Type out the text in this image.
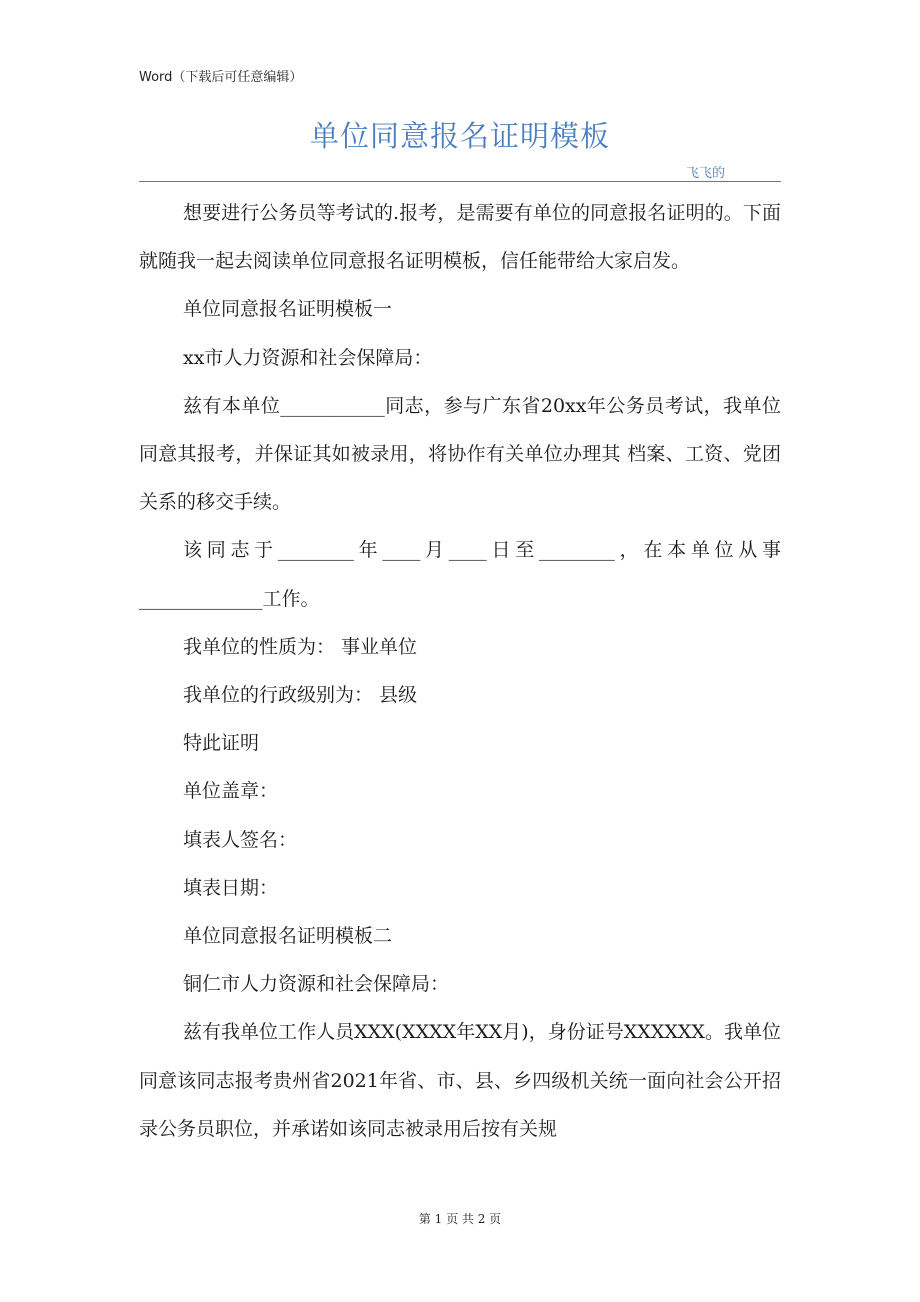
Word（下载后可任意编辑）
单位同意报名证明模板
飞飞的

想要进行公务员等考试的.报考，是需要有单位的同意报名证明的。下面就随我一起去阅读单位同意报名证明模板，信任能带给大家启发。

单位同意报名证明模板一

xx市人力资源和社会保障局：

兹有本单位___________同志，参与广东省20xx年公务员考试，我单位同意其报考，并保证其如被录用，将协作有关单位办理其 档案、工资、党团关系的移交手续。

该同志于________年____月____日至________，在本单位从事_____________工作。

我单位的性质为： 事业单位

我单位的行政级别为： 县级

特此证明

单位盖章：

填表人签名：

填表日期：

单位同意报名证明模板二

铜仁市人力资源和社会保障局：

兹有我单位工作人员XXX(XXXX年XX月)，身份证号XXXXXX。我单位同意该同志报考贵州省2021年省、市、县、乡四级机关统一面向社会公开招录公务员职位，并承诺如该同志被录用后按有关规

第 1 页 共 2 页
